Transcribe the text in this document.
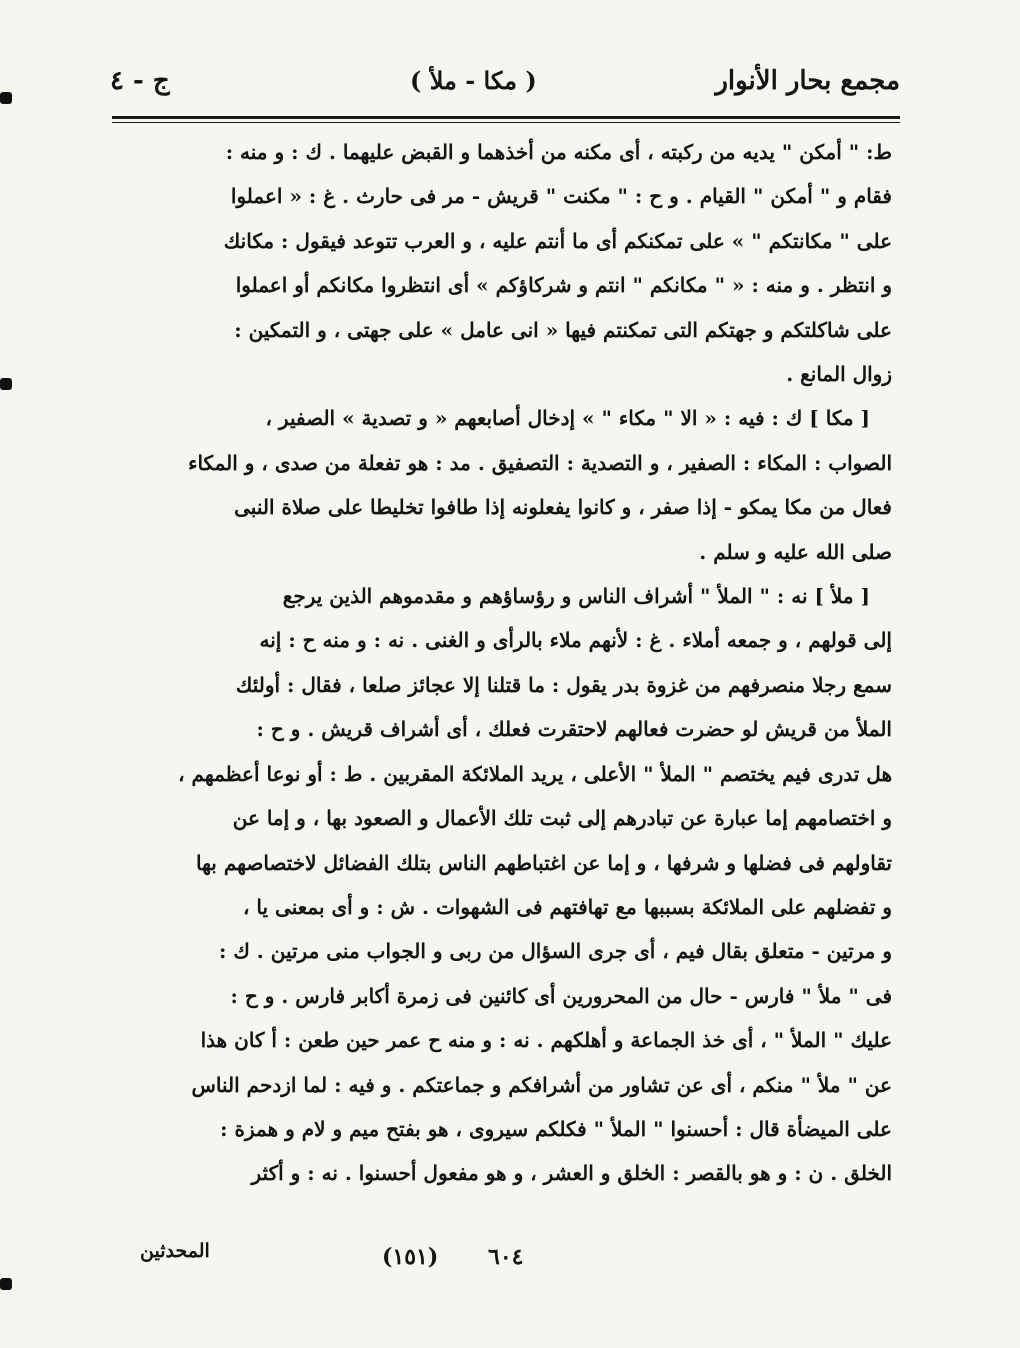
مجمع بحار الأنوار
( مكا - ملأ )
ج - ٤

ط: " أمكن " يديه من ركبته ، أى مكنه من أخذهما و القبض عليهما . ك : و منه :

فقام و " أمكن " القيام . و ح : " مكنت " قريش - مر فى حارث . غ : « اعملوا

على " مكانتكم " » على تمكنكم أى ما أنتم عليه ، و العرب تتوعد فيقول : مكانك

و انتظر . و منه : « " مكانكم " انتم و شركاؤكم » أى انتظروا مكانكم أو اعملوا

على شاكلتكم و جهتكم التى تمكنتم فيها « انى عامل » على جهتى ، و التمكين :

زوال المانع .

[ مكا ] ك : فيه : « الا " مكاء " » إدخال أصابعهم « و تصدية » الصفير ،

الصواب : المكاء : الصفير ، و التصدية : التصفيق . مد : هو تفعلة من صدى ، و المكاء

فعال من مكا يمكو - إذا صفر ، و كانوا يفعلونه إذا طافوا تخليطا على صلاة النبى

صلى الله عليه و سلم .

[ ملأ ] نه : " الملأ " أشراف الناس و رؤساؤهم و مقدموهم الذين يرجع

إلى قولهم ، و جمعه أملاء . غ : لأنهم ملاء بالرأى و الغنى . نه : و منه ح : إنه

سمع رجلا منصرفهم من غزوة بدر يقول : ما قتلنا إلا عجائز صلعا ، فقال : أولئك

الملأ من قريش لو حضرت فعالهم لاحتقرت فعلك ، أى أشراف قريش . و ح :

هل تدرى فيم يختصم " الملأ " الأعلى ، يريد الملائكة المقربين . ط : أو نوعا أعظمهم ،

و اختصامهم إما عبارة عن تبادرهم إلى ثبت تلك الأعمال و الصعود بها ، و إما عن

تقاولهم فى فضلها و شرفها ، و إما عن اغتباطهم الناس بتلك الفضائل لاختصاصهم بها

و تفضلهم على الملائكة بسببها مع تهافتهم فى الشهوات . ش : و أى بمعنى يا ،

و مرتين - متعلق بقال فيم ، أى جرى السؤال من ربى و الجواب منى مرتين . ك :

فى " ملأ " فارس - حال من المحرورين أى كائنين فى زمرة أكابر فارس . و ح :

عليك " الملأ " ، أى خذ الجماعة و أهلكهم . نه : و منه ح عمر حين طعن : أ كان هذا

عن " ملأ " منكم ، أى عن تشاور من أشرافكم و جماعتكم . و فيه : لما ازدحم الناس

على الميضأة قال : أحسنوا " الملأ " فكلكم سيروى ، هو بفتح ميم و لام و همزة :

الخلق . ن : و هو بالقصر : الخلق و العشر ، و هو مفعول أحسنوا . نه : و أكثر

المحدثين	(١٥١) ٦٠٤
